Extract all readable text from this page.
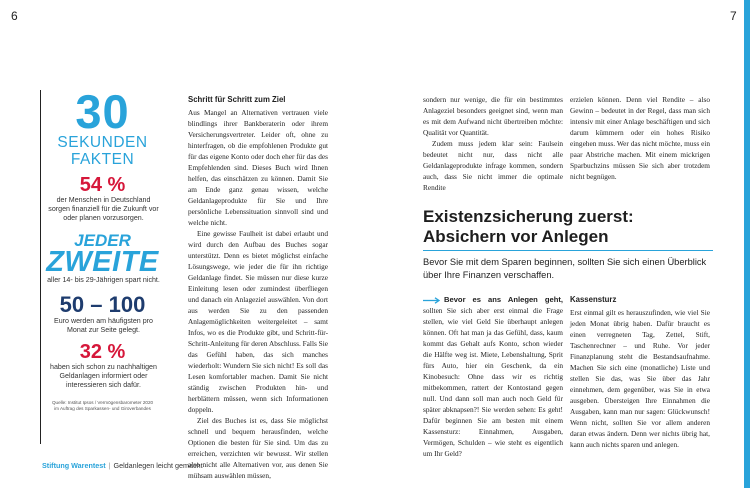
6	7
30
SEKUNDEN
FAKTEN
54 %
der Menschen in Deutschland sorgen finanziell für die Zukunft vor oder planen vorzusorgen.
JEDER
ZWEITE
aller 14- bis 29-Jährigen spart nicht.
50 – 100
Euro werden am häufigsten pro Monat zur Seite gelegt.
32 %
haben sich schon zu nachhaltigen Geldanlagen informiert oder interessieren sich dafür.
Quelle: Institut Ipsos / Vermögensbarometer 2020 im Auftrag des Sparkassen- und Giroverbandes
Schritt für Schritt zum Ziel

Aus Mangel an Alternativen vertrauen viele blindlings ihrer Bankberaterin oder ihrem Versicherungsvertreter. Leider oft, ohne zu hinterfragen, ob die empfohlenen Produkte gut für das eigene Konto oder doch eher für das des Empfehlenden sind. Dieses Buch wird Ihnen helfen, das einschätzen zu können. Damit Sie am Ende ganz genau wissen, welche Geldanlageprodukte für Sie und Ihre persönliche Lebenssituation sinnvoll sind und welche nicht.

Eine gewisse Faulheit ist dabei erlaubt und wird durch den Aufbau des Buches sogar unterstützt. Denn es bietet möglichst einfache Lösungswege, wie jeder die für ihn richtige Geldanlage findet. Sie müssen nur diese kurze Einleitung lesen oder zumindest überfliegen und danach ein Anlageziel auswählen. Von dort aus werden Sie zu den passenden Anlagemöglichkeiten weitergeleitet – samt Infos, wo es die Produkte gibt, und Schritt-für-Schritt-Anleitung für deren Abschluss. Falls Sie das Gefühl haben, das sich manches wiederholt: Wundern Sie sich nicht! Es soll das Lesen komfortabler machen. Damit Sie nicht ständig zwischen Produkten hin- und herblättern müssen, wenn sich Informationen doppeln.

Ziel des Buches ist es, dass Sie möglichst schnell und bequem herausfinden, welche Optionen die besten für Sie sind. Um das zu erreichen, verzichten wir bewusst. Wir stellen also nicht alle Alternativen vor, aus denen Sie mühsam auswählen müssen,

sondern nur wenige, die für ein bestimmtes Anlageziel besonders geeignet sind, wenn man es mit dem Aufwand nicht übertreiben möchte: Qualität vor Quantität.

Zudem muss jedem klar sein: Faulsein bedeutet nicht nur, dass nicht alle Geldanlageprodukte infrage kommen, sondern auch, dass Sie nicht immer die optimale Rendite

erzielen können. Denn viel Rendite – also Gewinn – bedeutet in der Regel, dass man sich intensiv mit einer Anlage beschäftigen und sich darum kümmern oder ein hohes Risiko eingehen muss. Wer das nicht möchte, muss ein paar Abstriche machen. Mit einem mickrigen Sparbuchzins müssen Sie sich aber trotzdem nicht begnügen.

Existenzsicherung zuerst:
Absichern vor Anlegen
Bevor Sie mit dem Sparen beginnen, sollten Sie sich einen Überblick über Ihre Finanzen verschaffen.

Bevor es ans Anlegen geht, sollten Sie sich aber erst einmal die Frage stellen, wie viel Geld Sie überhaupt anlegen können. Oft hat man ja das Gefühl, dass, kaum kommt das Gehalt aufs Konto, schon wieder die Hälfte weg ist. Miete, Lebenshaltung, Sprit fürs Auto, hier ein Geschenk, da ein Kinobesuch: Ohne dass wir es richtig mitbekommen, rattert der Kontostand gegen null. Und dann soll man auch noch Geld für später abknapsen?! Sie werden sehen: Es geht! Dafür beginnen Sie am besten mit einem Kassensturz: Einnahmen, Ausgaben, Vermögen, Schulden – wie steht es eigentlich um Ihr Geld?

Kassensturz

Erst einmal gilt es herauszufinden, wie viel Sie jeden Monat übrig haben. Dafür braucht es einen verregneten Tag, Zettel, Stift, Taschenrechner – und Ruhe. Vor jeder Finanzplanung steht die Bestandsaufnahme. Machen Sie sich eine (monatliche) Liste und stellen Sie das, was Sie über das Jahr einnehmen, dem gegenüber, was Sie in etwa ausgeben. Übersteigen Ihre Einnahmen die Ausgaben, kann man nur sagen: Glückwunsch! Wenn nicht, sollten Sie vor allem anderen daran etwas ändern. Denn wer nichts übrig hat, kann auch nichts sparen und anlegen.

Stiftung Warentest | Geldanlegen leicht gemacht
